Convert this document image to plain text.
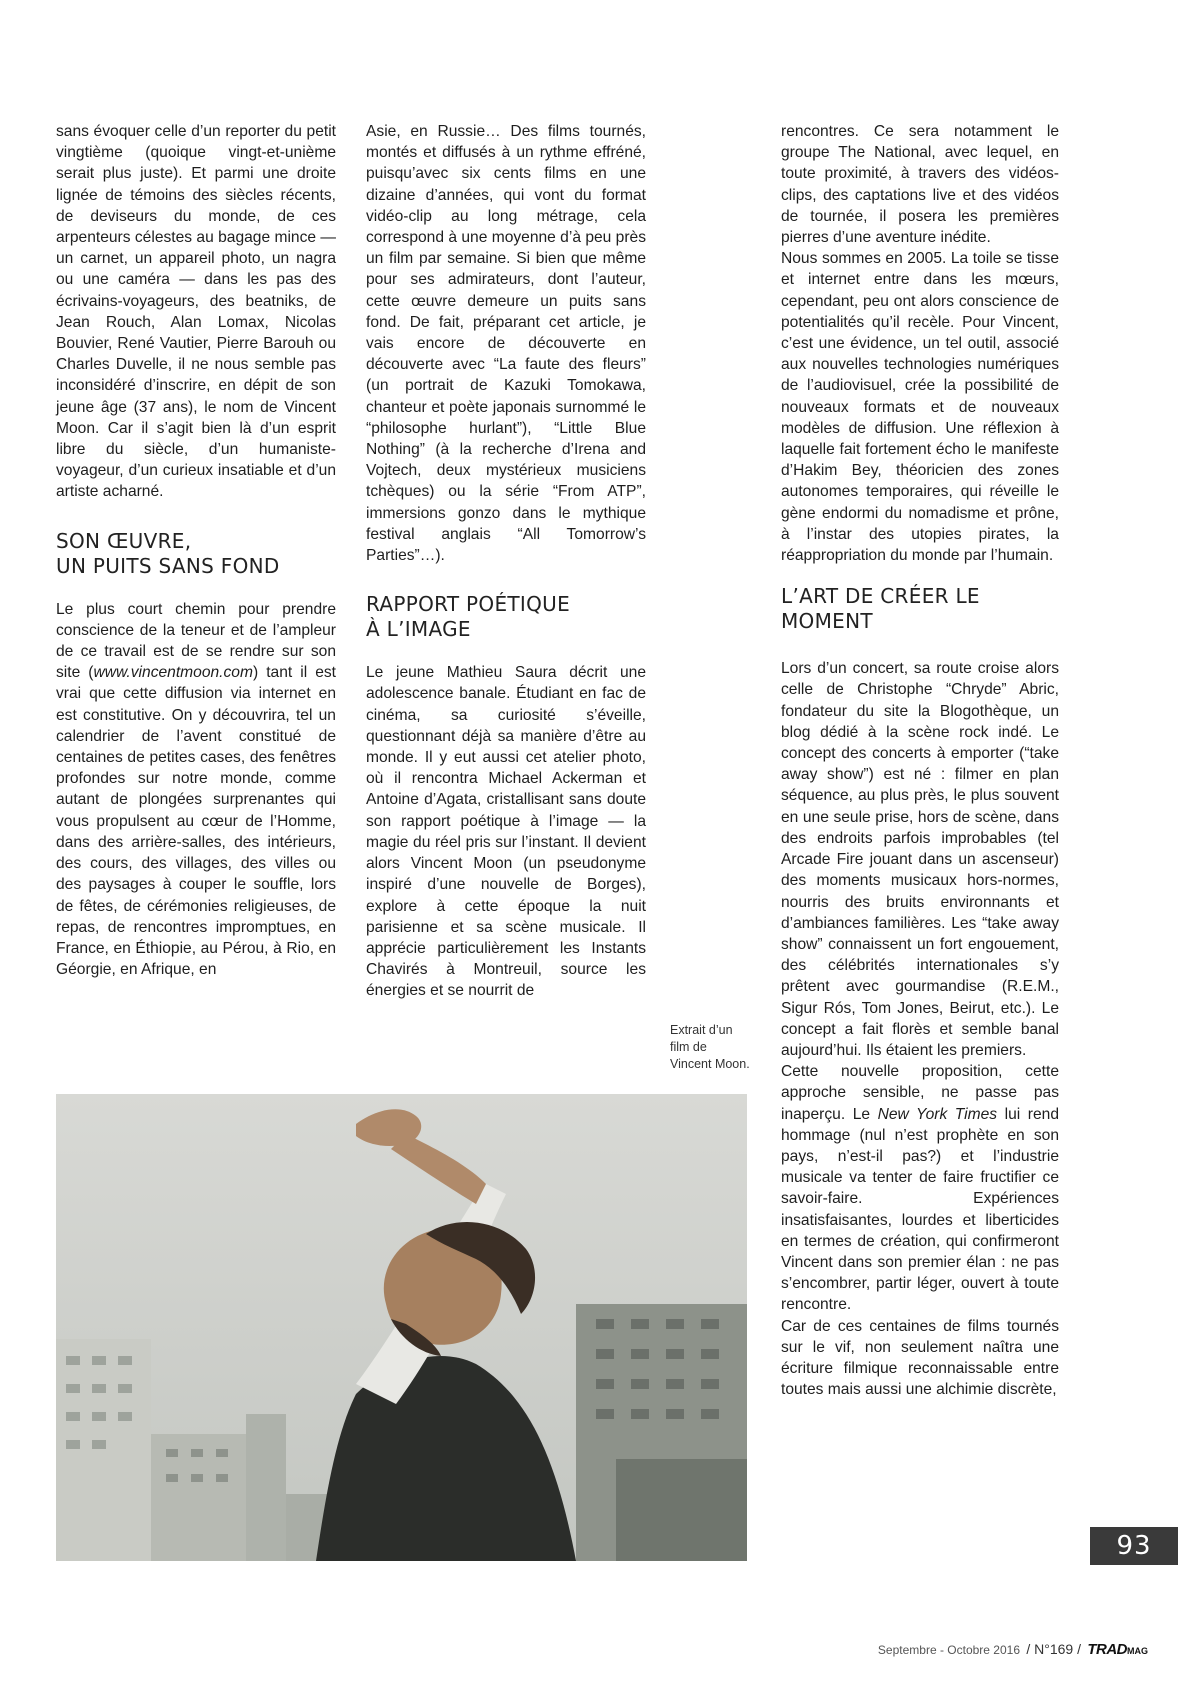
sans évoquer celle d’un reporter du petit vingtième (quoique vingt-et-unième serait plus juste). Et parmi une droite lignée de témoins des siècles récents, de deviseurs du monde, de ces arpenteurs célestes au bagage mince — un carnet, un appareil photo, un nagra ou une caméra — dans les pas des écrivains-voyageurs, des beatniks, de Jean Rouch, Alan Lomax, Nicolas Bouvier, René Vautier, Pierre Barouh ou Charles Duvelle, il ne nous semble pas inconsidéré d’inscrire, en dépit de son jeune âge (37 ans), le nom de Vincent Moon. Car il s’agit bien là d’un esprit libre du siècle, d’un humaniste-voyageur, d’un curieux insatiable et d’un artiste acharné.

SON ŒUVRE,
UN PUITS SANS FOND

Le plus court chemin pour prendre conscience de la teneur et de l’ampleur de ce travail est de se rendre sur son site (www.vincentmoon.com) tant il est vrai que cette diffusion via internet en est constitutive. On y découvrira, tel un calendrier de l’avent constitué de centaines de petites cases, des fenêtres profondes sur notre monde, comme autant de plongées surprenantes qui vous propulsent au cœur de l’Homme, dans des arrière-salles, des intérieurs, des cours, des villages, des villes ou des paysages à couper le souffle, lors de fêtes, de cérémonies religieuses, de repas, de rencontres impromptues, en France, en Éthiopie, au Pérou, à Rio, en Géorgie, en Afrique, en

Asie, en Russie… Des films tournés, montés et diffusés à un rythme effréné, puisqu’avec six cents films en une dizaine d’années, qui vont du format vidéo-clip au long métrage, cela correspond à une moyenne d’à peu près un film par semaine. Si bien que même pour ses admirateurs, dont l’auteur, cette œuvre demeure un puits sans fond. De fait, préparant cet article, je vais encore de découverte en découverte avec “La faute des fleurs” (un portrait de Kazuki Tomokawa, chanteur et poète japonais surnommé le “philosophe hurlant”), “Little Blue Nothing” (à la recherche d’Irena and Vojtech, deux mystérieux musiciens tchèques) ou la série “From ATP”, immersions gonzo dans le mythique festival anglais “All Tomorrow’s Parties”…).

RAPPORT POÉTIQUE
À L’IMAGE

Le jeune Mathieu Saura décrit une adolescence banale. Étudiant en fac de cinéma, sa curiosité s’éveille, questionnant déjà sa manière d’être au monde. Il y eut aussi cet atelier photo, où il rencontra Michael Ackerman et Antoine d’Agata, cristallisant sans doute son rapport poétique à l’image — la magie du réel pris sur l’instant. Il devient alors Vincent Moon (un pseudonyme inspiré d’une nouvelle de Borges), explore à cette époque la nuit parisienne et sa scène musicale. Il apprécie particulièrement les Instants Chavirés à Montreuil, source les énergies et se nourrit de

rencontres. Ce sera notamment le groupe The National, avec lequel, en toute proximité, à travers des vidéos-clips, des captations live et des vidéos de tournée, il posera les premières pierres d’une aventure inédite.

Nous sommes en 2005. La toile se tisse et internet entre dans les mœurs, cependant, peu ont alors conscience de potentialités qu’il recèle. Pour Vincent, c’est une évidence, un tel outil, associé aux nouvelles technologies numériques de l’audiovisuel, crée la possibilité de nouveaux formats et de nouveaux modèles de diffusion. Une réflexion à laquelle fait fortement écho le manifeste d’Hakim Bey, théoricien des zones autonomes temporaires, qui réveille le gène endormi du nomadisme et prône, à l’instar des utopies pirates, la réappropriation du monde par l’humain.

L’ART DE CRÉER LE MOMENT

Lors d’un concert, sa route croise alors celle de Christophe “Chryde” Abric, fondateur du site la Blogothèque, un blog dédié à la scène rock indé. Le concept des concerts à emporter (“take away show”) est né : filmer en plan séquence, au plus près, le plus souvent en une seule prise, hors de scène, dans des endroits parfois improbables (tel Arcade Fire jouant dans un ascenseur) des moments musicaux hors-normes, nourris des bruits environnants et d’ambiances familières. Les “take away show” connaissent un fort engouement, des célébrités internationales s’y prêtent avec gourmandise (R.E.M., Sigur Rós, Tom Jones, Beirut, etc.). Le concept a fait florès et semble banal aujourd’hui. Ils étaient les premiers.

Cette nouvelle proposition, cette approche sensible, ne passe pas inaperçu. Le New York Times lui rend hommage (nul n’est prophète en son pays, n’est-il pas?) et l’industrie musicale va tenter de faire fructifier ce savoir-faire. Expériences insatisfaisantes, lourdes et liberticides en termes de création, qui confirmeront Vincent dans son premier élan : ne pas s’encombrer, partir léger, ouvert à toute rencontre.

Car de ces centaines de films tournés sur le vif, non seulement naîtra une écriture filmique reconnaissable entre toutes mais aussi une alchimie discrète,

Extrait d’un
film de
Vincent Moon.
93
Septembre - Octobre 2016 / N°169 / TRADMAG
